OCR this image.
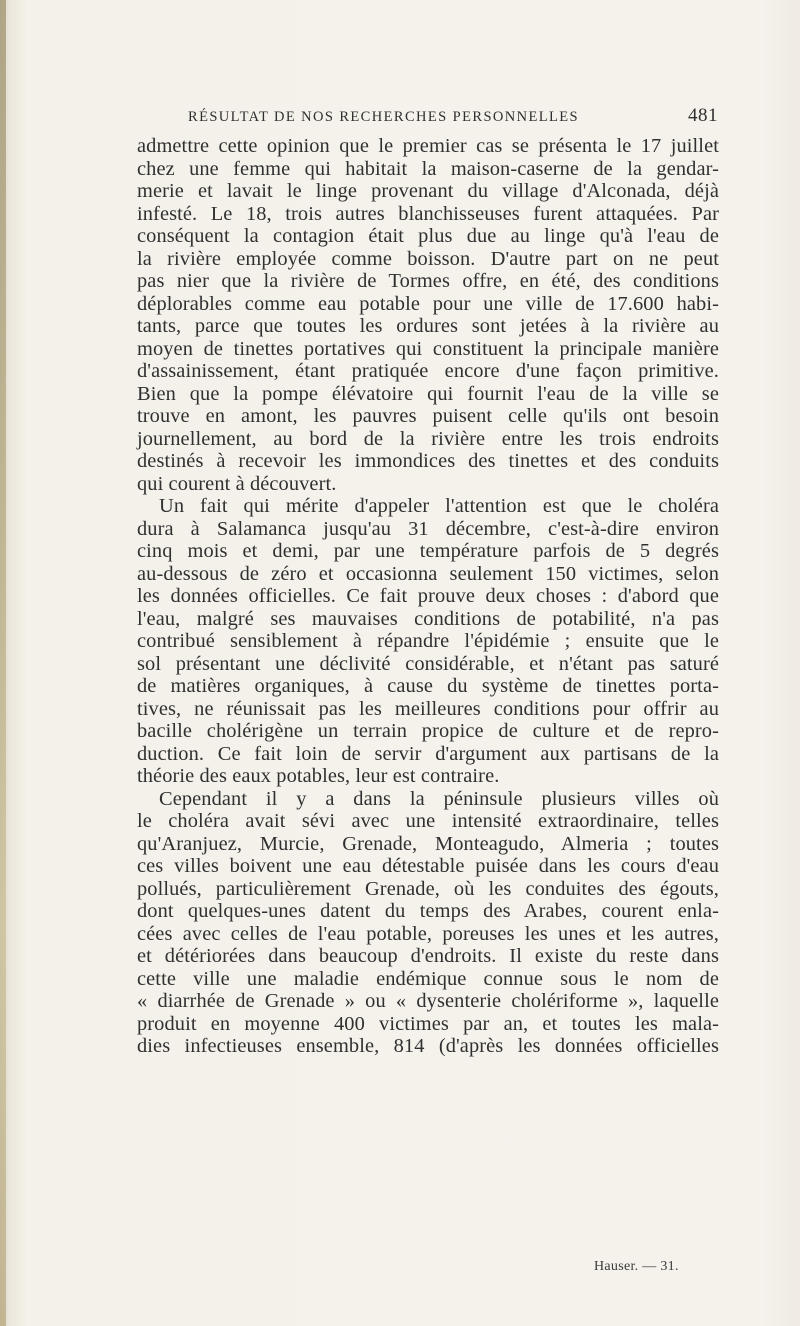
RÉSULTAT DE NOS RECHERCHES PERSONNELLES	481
admettre cette opinion que le premier cas se présenta le 17 juillet
chez une femme qui habitait la maison-caserne de la gendar-
merie et lavait le linge provenant du village d'Alconada, déjà
infesté. Le 18, trois autres blanchisseuses furent attaquées. Par
conséquent la contagion était plus due au linge qu'à l'eau de
la rivière employée comme boisson. D'autre part on ne peut
pas nier que la rivière de Tormes offre, en été, des conditions
déplorables comme eau potable pour une ville de 17.600 habi-
tants, parce que toutes les ordures sont jetées à la rivière au
moyen de tinettes portatives qui constituent la principale manière
d'assainissement, étant pratiquée encore d'une façon primitive.
Bien que la pompe élévatoire qui fournit l'eau de la ville se
trouve en amont, les pauvres puisent celle qu'ils ont besoin
journellement, au bord de la rivière entre les trois endroits
destinés à recevoir les immondices des tinettes et des conduits
qui courent à découvert.
Un fait qui mérite d'appeler l'attention est que le choléra
dura à Salamanca jusqu'au 31 décembre, c'est-à-dire environ
cinq mois et demi, par une température parfois de 5 degrés
au-dessous de zéro et occasionna seulement 150 victimes, selon
les données officielles. Ce fait prouve deux choses : d'abord que
l'eau, malgré ses mauvaises conditions de potabilité, n'a pas
contribué sensiblement à répandre l'épidémie ; ensuite que le
sol présentant une déclivité considérable, et n'étant pas saturé
de matières organiques, à cause du système de tinettes porta-
tives, ne réunissait pas les meilleures conditions pour offrir au
bacille cholérigène un terrain propice de culture et de repro-
duction. Ce fait loin de servir d'argument aux partisans de la
théorie des eaux potables, leur est contraire.
Cependant il y a dans la péninsule plusieurs villes où
le choléra avait sévi avec une intensité extraordinaire, telles
qu'Aranjuez, Murcie, Grenade, Monteagudo, Almeria ; toutes
ces villes boivent une eau détestable puisée dans les cours d'eau
pollués, particulièrement Grenade, où les conduites des égouts,
dont quelques-unes datent du temps des Arabes, courent enla-
cées avec celles de l'eau potable, poreuses les unes et les autres,
et détériorées dans beaucoup d'endroits. Il existe du reste dans
cette ville une maladie endémique connue sous le nom de
« diarrhée de Grenade » ou « dysenterie cholériforme », laquelle
produit en moyenne 400 victimes par an, et toutes les mala-
dies infectieuses ensemble, 814 (d'après les données officielles
Hauser. — 31.
